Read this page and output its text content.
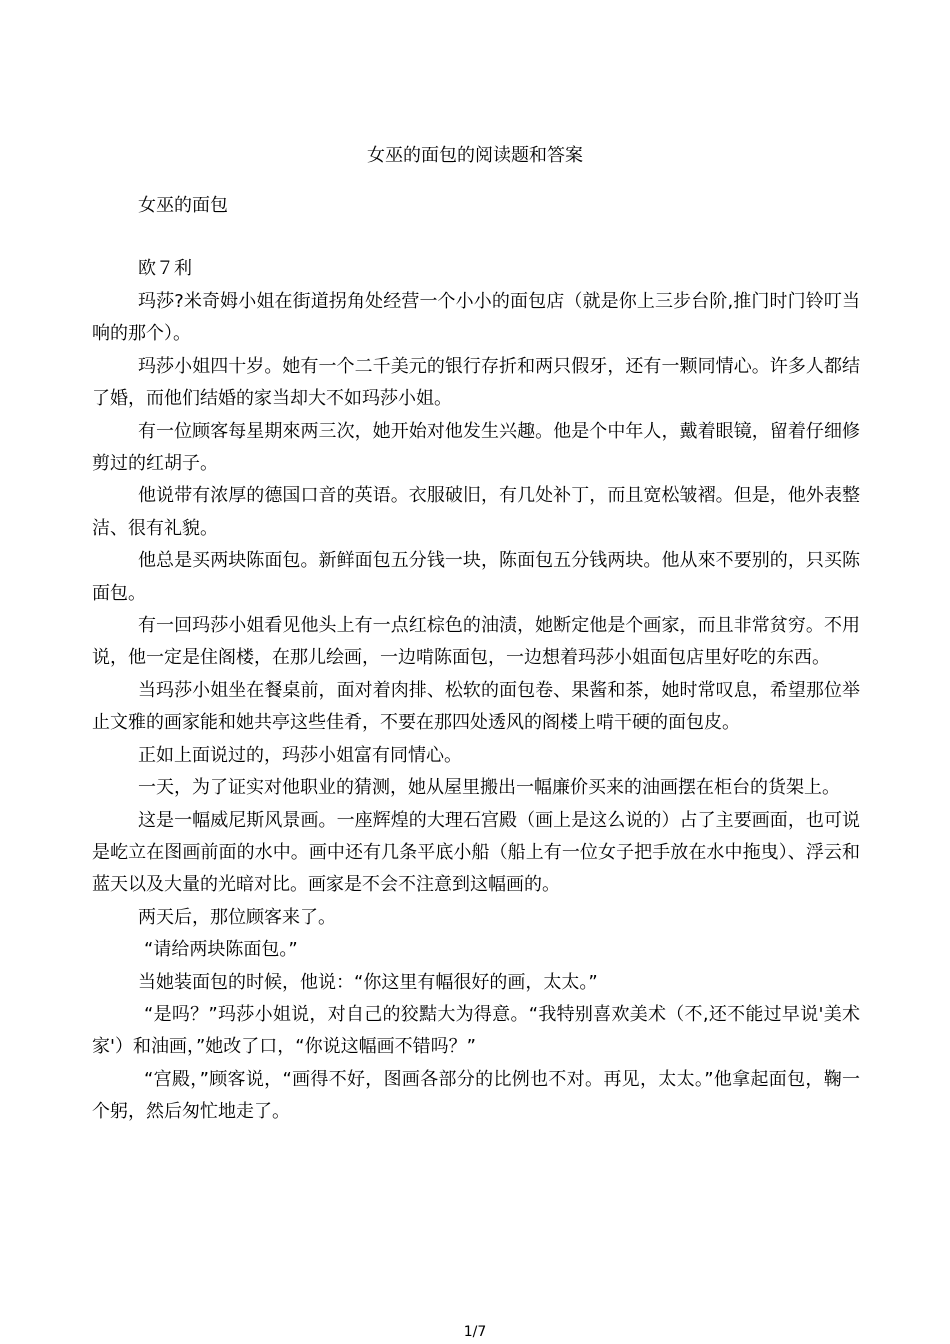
女巫的面包的阅读题和答案
女巫的面包
欧７利

玛莎?米奇姆小姐在街道拐角处经营一个小小的面包店（就是你上三步台阶,推门时门铃叮当响的那个）。

玛莎小姐四十岁。她有一个二千美元的银行存折和两只假牙，还有一颗同情心。许多人都结了婚，而他们结婚的家当却大不如玛莎小姐。

有一位顾客每星期來两三次，她开始对他发生兴趣。他是个中年人，戴着眼镜，留着仔细修剪过的红胡子。

他说带有浓厚的德国口音的英语。衣服破旧，有几处补丁，而且宽松皱褶。但是，他外表整洁、很有礼貌。

他总是买两块陈面包。新鲜面包五分钱一块，陈面包五分钱两块。他从來不要别的，只买陈面包。

有一回玛莎小姐看见他头上有一点红棕色的油渍，她断定他是个画家，而且非常贫穷。不用说，他一定是住阁楼，在那儿绘画，一边啃陈面包，一边想着玛莎小姐面包店里好吃的东西。

当玛莎小姐坐在餐桌前，面对着肉排、松软的面包卷、果酱和茶，她时常叹息，希望那位举止文雅的画家能和她共亭这些佳肴，不要在那四处透风的阁楼上啃干硬的面包皮。

正如上面说过的，玛莎小姐富有同情心。

一天，为了证实对他职业的猜测，她从屋里搬出一幅廉价买来的油画摆在柜台的货架上。

这是一幅威尼斯风景画。一座辉煌的大理石宫殿（画上是这么说的）占了主要画面，也可说是屹立在图画前面的水中。画中还有几条平底小船（船上有一位女子把手放在水中拖曳）、浮云和蓝天以及大量的光暗对比。画家是不会不注意到这幅画的。

两天后，那位顾客来了。

“请给两块陈面包。”

当她装面包的时候，他说：“你这里有幅很好的画，太太。”

“是吗？”玛莎小姐说，对自己的狡黠大为得意。“我特别喜欢美术（不,还不能过早说'美术家'）和油画，”她改了口，“你说这幅画不错吗？”

“宫殿，”顾客说，“画得不好，图画各部分的比例也不对。再见，太太。”他拿起面包，鞠一个躬，然后匆忙地走了。

1/7
